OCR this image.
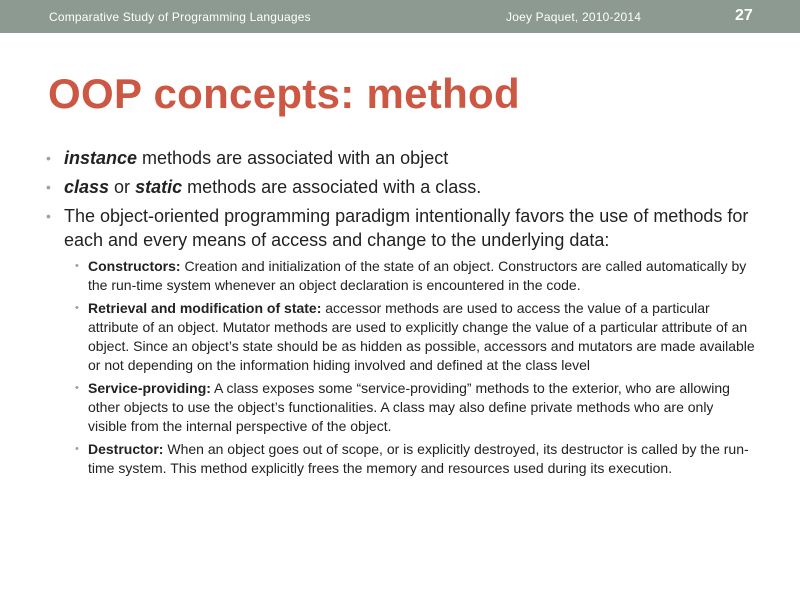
Comparative Study of Programming Languages	Joey Paquet, 2010-2014	27
OOP concepts: method
• instance methods are associated with an object
• class or static methods are associated with a class.
• The object-oriented programming paradigm intentionally favors the use of methods for each and every means of access and change to the underlying data:
• Constructors: Creation and initialization of the state of an object. Constructors are called automatically by the run-time system whenever an object declaration is encountered in the code.
• Retrieval and modification of state: accessor methods are used to access the value of a particular attribute of an object. Mutator methods are used to explicitly change the value of a particular attribute of an object. Since an object’s state should be as hidden as possible, accessors and mutators are made available or not depending on the information hiding involved and defined at the class level
• Service-providing: A class exposes some “service-providing” methods to the exterior, who are allowing other objects to use the object’s functionalities. A class may also define private methods who are only visible from the internal perspective of the object.
• Destructor: When an object goes out of scope, or is explicitly destroyed, its destructor is called by the run-time system. This method explicitly frees the memory and resources used during its execution.
